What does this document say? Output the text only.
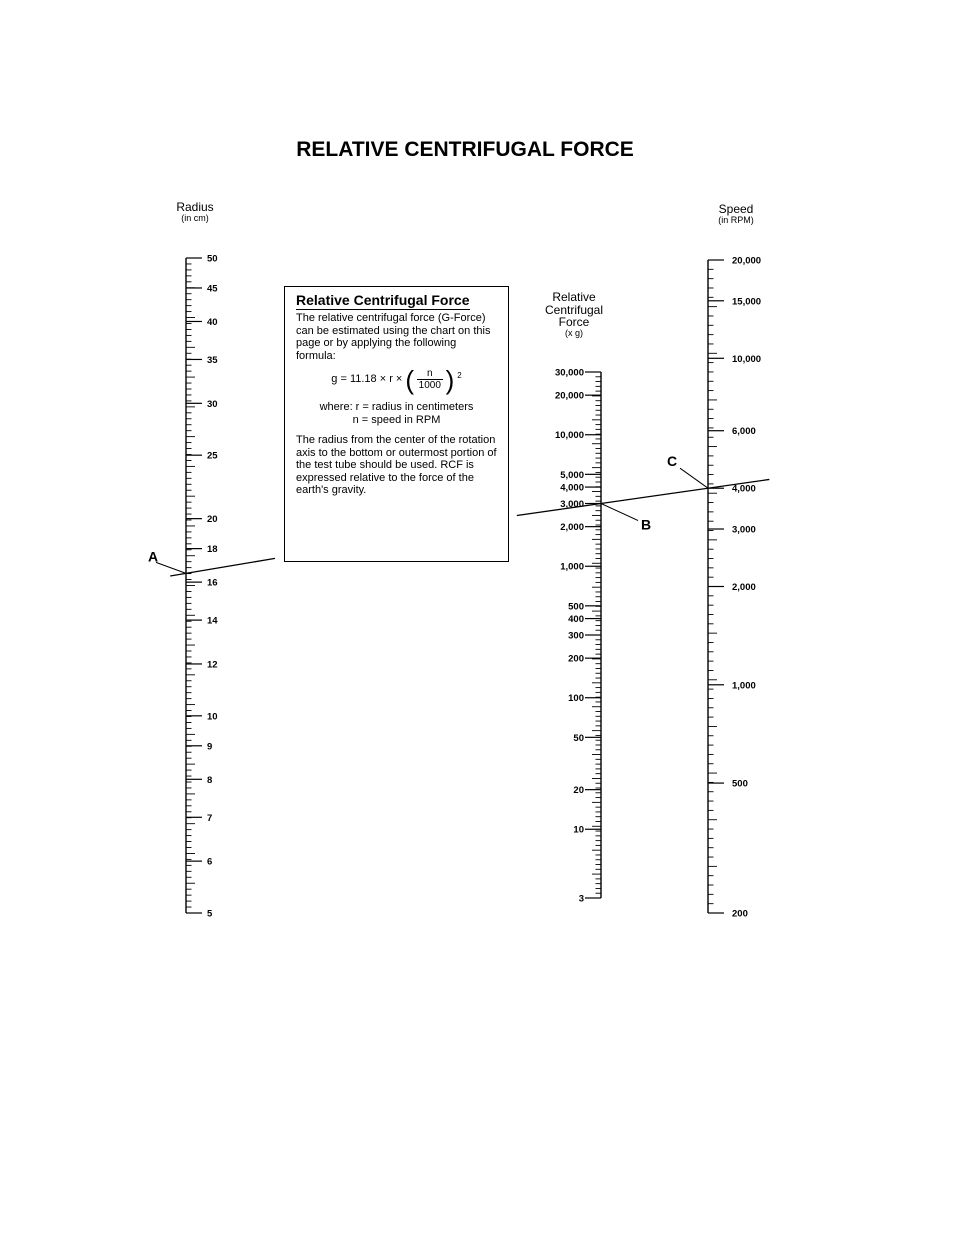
RELATIVE CENTRIFUGAL FORCE
Radius
(in cm)
Speed
(in RPM)
Relative Centrifugal Force
(x g)
50
45
40
35
30
25
20
18
16
14
12
10
9
8
7
6
5
30,000
20,000
10,000
5,000
4,000
3,000
2,000
1,000
500
400
300
200
100
50
20
10
3
20,000
15,000
10,000
6,000
4,000
3,000
2,000
1,000
500
200
A
B
C
Relative Centrifugal Force

The relative centrifugal force (G-Force) can be estimated using the chart on this page or by applying the following formula:

g = 11.18 × r × ( $\frac{n}{1000}$ ) 2
where: r = radius in centimeters
n = speed in RPM

The radius from the center of the rotation axis to the bottom or outermost portion of the test tube should be used. RCF is expressed relative to the force of the earth's gravity.
